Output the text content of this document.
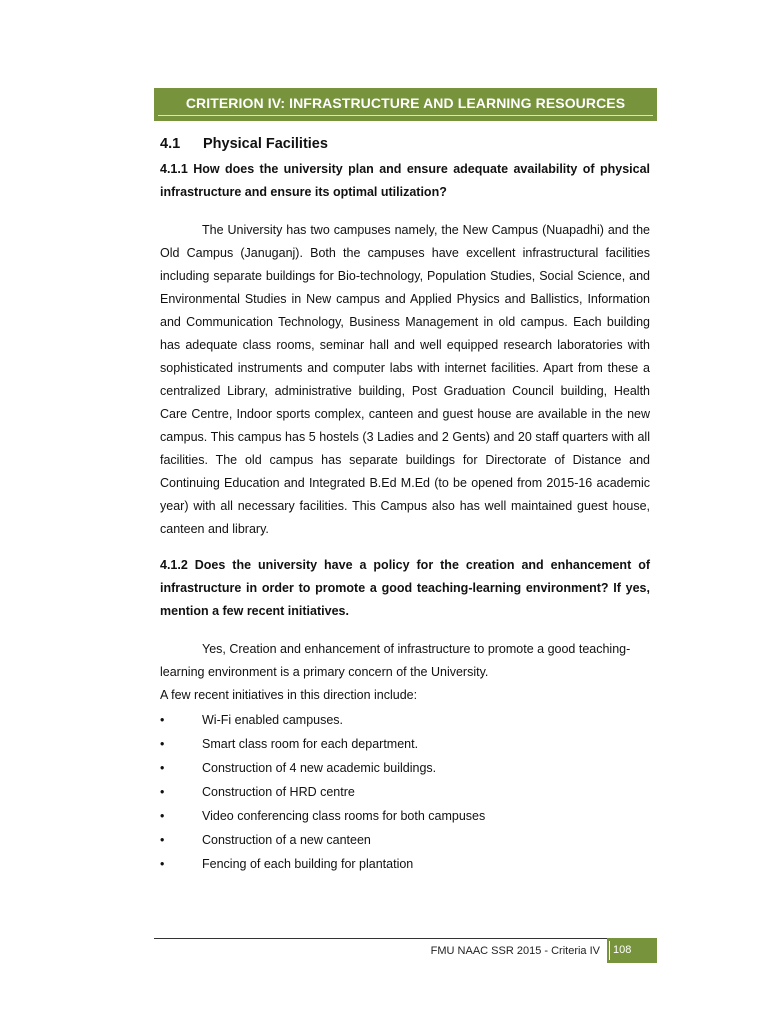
CRITERION IV: INFRASTRUCTURE AND LEARNING RESOURCES
4.1 Physical Facilities
4.1.1 How does the university plan and ensure adequate availability of physical infrastructure and ensure its optimal utilization?
The University has two campuses namely, the New Campus (Nuapadhi) and the Old Campus (Januganj). Both the campuses have excellent infrastructural facilities including separate buildings for Bio-technology, Population Studies, Social Science, and Environmental Studies in New campus and Applied Physics and Ballistics, Information and Communication Technology, Business Management in old campus. Each building has adequate class rooms, seminar hall and well equipped research laboratories with sophisticated instruments and computer labs with internet facilities. Apart from these a centralized Library, administrative building, Post Graduation Council building, Health Care Centre, Indoor sports complex, canteen and guest house are available in the new campus. This campus has 5 hostels (3 Ladies and 2 Gents) and 20 staff quarters with all facilities. The old campus has separate buildings for Directorate of Distance and Continuing Education and Integrated B.Ed M.Ed (to be opened from 2015-16 academic year) with all necessary facilities. This Campus also has well maintained guest house, canteen and library.
4.1.2 Does the university have a policy for the creation and enhancement of infrastructure in order to promote a good teaching-learning environment? If yes, mention a few recent initiatives.
Yes, Creation and enhancement of infrastructure to promote a good teaching-learning environment is a primary concern of the University.
A few recent initiatives in this direction include:
•	Wi-Fi enabled campuses.
•	Smart class room for each department.
•	Construction of 4 new academic buildings.
•	Construction of HRD centre
•	Video conferencing class rooms for both campuses
•	Construction of a new canteen
•	Fencing of each building for plantation
FMU NAAC SSR 2015 - Criteria IV 108
